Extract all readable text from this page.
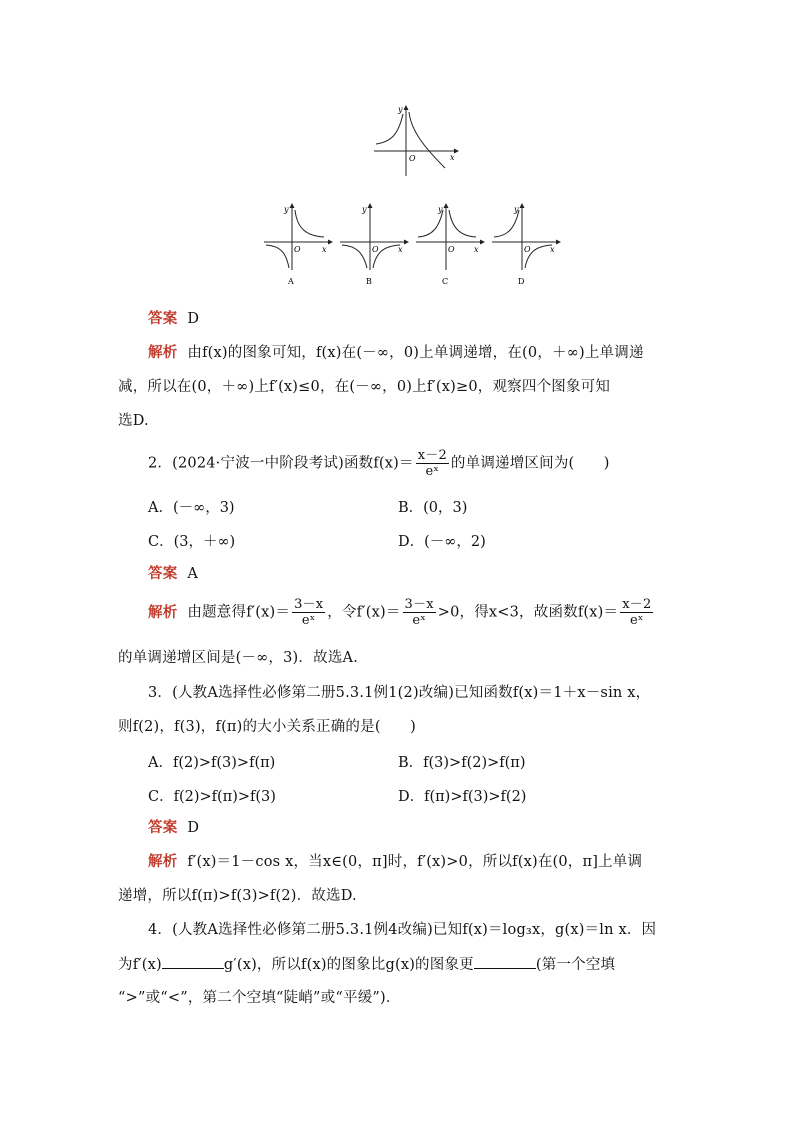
x
y
O
x
y
O
A
x
y
O
B
x
y
O
C
x
y
O
D
答案 D
解析 由f(x)的图象可知，f(x)在(－∞，0)上单调递增，在(0，＋∞)上单调递
减，所以在(0，＋∞)上f′(x)≤0，在(－∞，0)上f′(x)≥0，观察四个图象可知
选D.
2．(2024·宁波一中阶段考试)函数$f(x)= \frac{x-2}{\text{eˣ}}$ 的单调递增区间为(　　)
A．(－∞，3)	B．(0，3)
C．(3，＋∞)	D．(－∞，2)
答案 A
解析 由题意得$f'(x)= \frac{3-x}{\text{eˣ}}$ ，令$f'(x)= \frac{3-x}{\text{eˣ}} >0$，得x<3，故函数$f(x)= \frac{x-2}{\text{eˣ}}$
的单调递增区间是(－∞，3)．故选A.
3．(人教A选择性必修第二册5.3.1例1(2)改编)已知函数f(x)＝1＋x－sin x，
则f(2)，f(3)，f(π)的大小关系正确的是(　　)
A．f(2)>f(3)>f(π)	B．f(3)>f(2)>f(π)
C．f(2)>f(π)>f(3)	D．f(π)>f(3)>f(2)
答案 D
解析 f′(x)＝1－cos x，当x∈(0，π]时，f′(x)>0，所以f(x)在(0，π]上单调
递增，所以f(π)>f(3)>f(2)．故选D.
4．(人教A选择性必修第二册5.3.1例4改编)已知f(x)＝log₃x，g(x)＝ln x．因
为f′(x)	g′(x)，所以f(x)的图象比g(x)的图象更	(第一个空填
“>”或“<”，第二个空填“陡峭”或“平缓”)．
